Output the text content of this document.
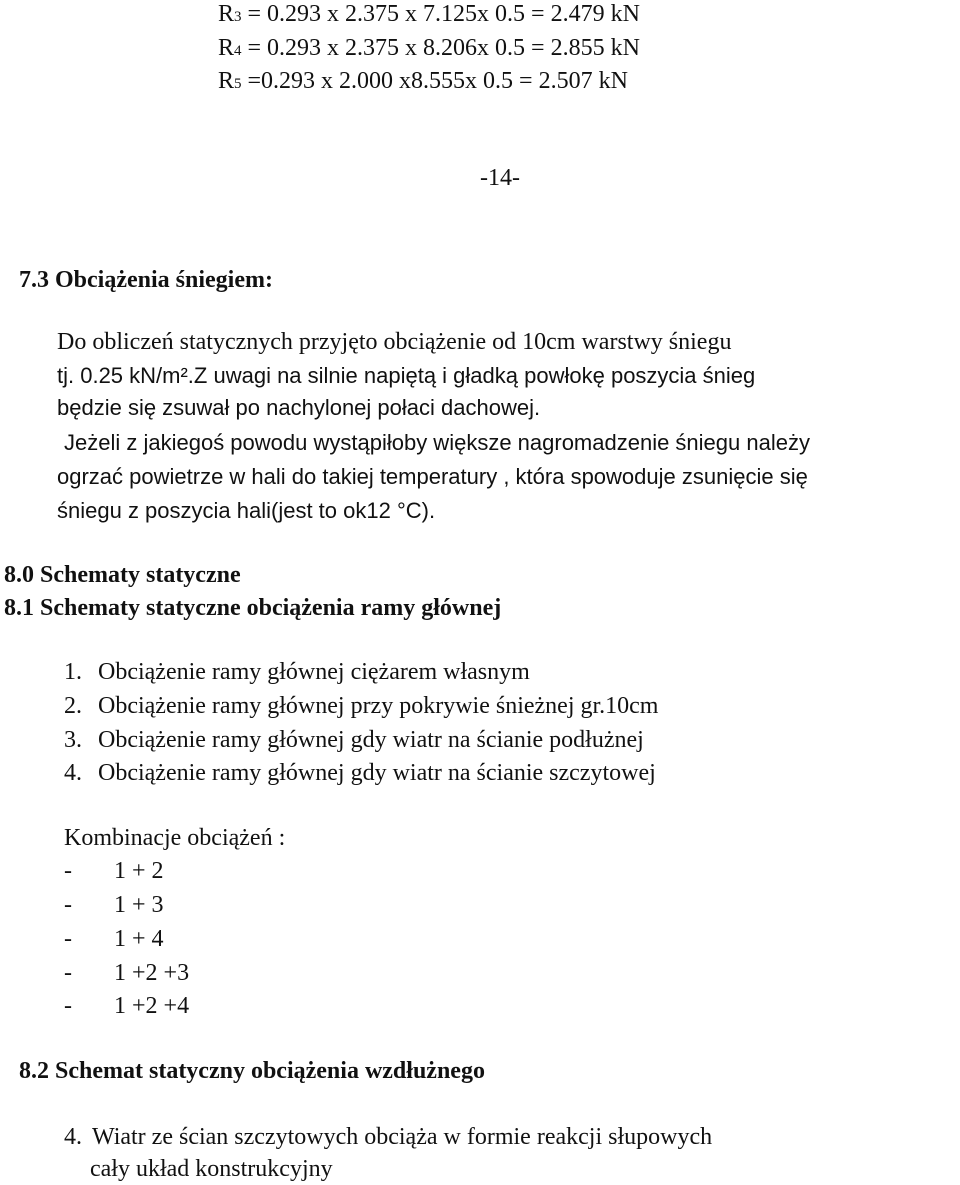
R3 = 0.293 x 2.375 x 7.125x 0.5 = 2.479 kN
R4 = 0.293 x 2.375 x 8.206x 0.5 = 2.855 kN
R5 =0.293 x 2.000 x8.555x 0.5 = 2.507 kN
-14-
7.3 Obciążenia śniegiem:
Do obliczeń statycznych przyjęto obciążenie od 10cm warstwy śniegu
tj. 0.25 kN/m².Z uwagi na silnie napiętą i gładką powłokę poszycia śnieg
będzie się zsuwał po nachylonej połaci dachowej.
Jeżeli z jakiegoś powodu wystąpiłoby większe nagromadzenie śniegu należy
ogrzać powietrze w hali do takiej temperatury , która spowoduje zsunięcie się
śniegu z poszycia hali(jest to ok12 °C).
8.0 Schematy statyczne
8.1 Schematy statyczne obciążenia ramy głównej
1. Obciążenie ramy głównej ciężarem własnym
2. Obciążenie ramy głównej przy pokrywie śnieżnej gr.10cm
3. Obciążenie ramy głównej gdy wiatr na ścianie podłużnej
4. Obciążenie ramy głównej gdy wiatr na ścianie szczytowej
Kombinacje obciążeń :
- 1 + 2
- 1 + 3
- 1 + 4
- 1 +2 +3
- 1 +2 +4
8.2 Schemat statyczny obciążenia wzdłużnego
4. Wiatr ze ścian szczytowych obciąża w formie reakcji słupowych
cały układ konstrukcyjny
